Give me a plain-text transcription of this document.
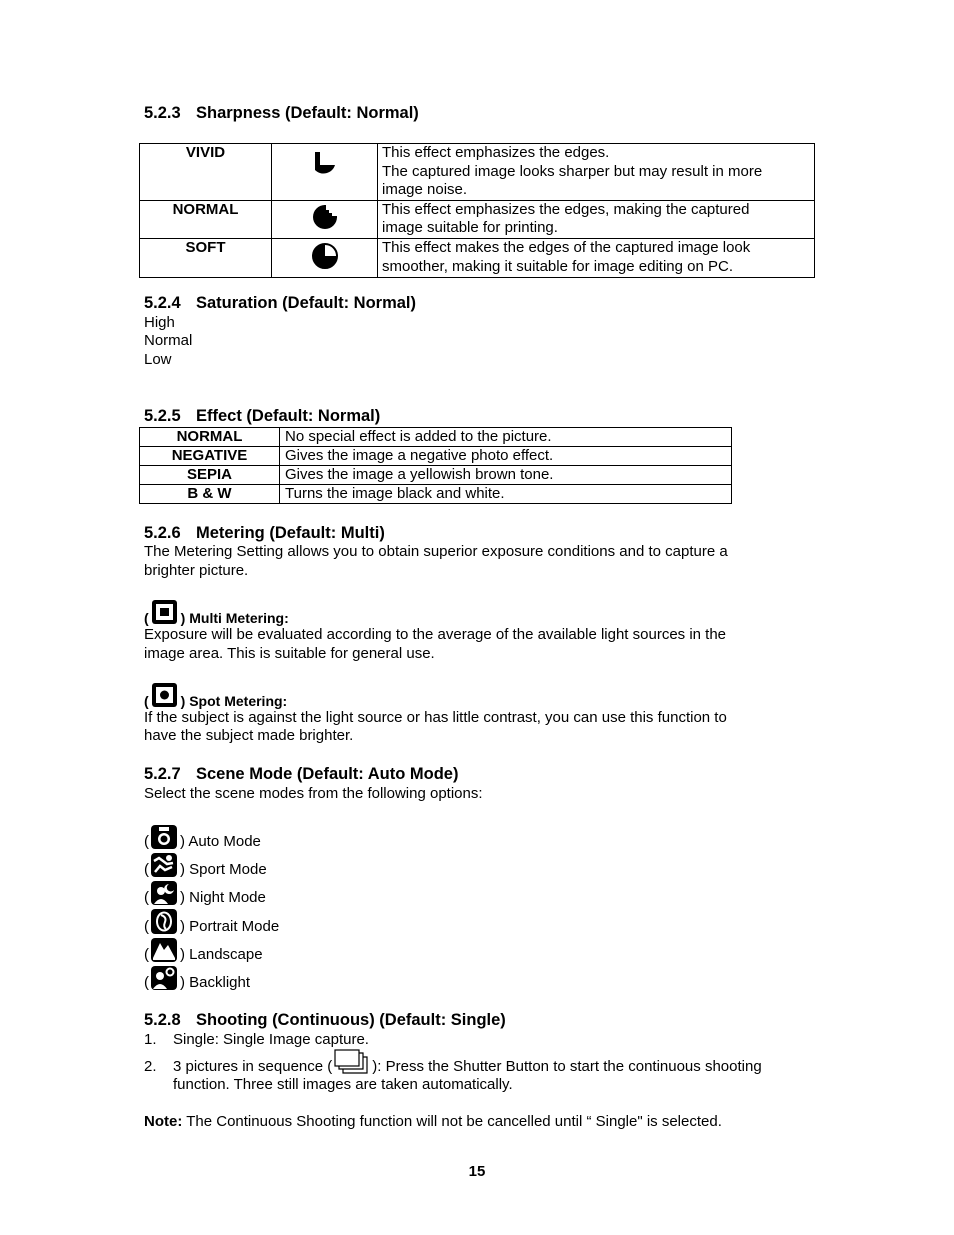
5.2.3 Sharpness (Default: Normal)
VIVID		This effect emphasizes the edges.
The captured image looks sharper but may result in more
image noise.

NORMAL		This effect emphasizes the edges, making the captured
image suitable for printing.

SOFT		This effect makes the edges of the captured image look
smoother, making it suitable for image editing on PC.
5.2.4 Saturation (Default: Normal)
High
Normal
Low
5.2.5 Effect (Default: Normal)
NORMAL	No special effect is added to the picture.
NEGATIVE	Gives the image a negative photo effect.
SEPIA	Gives the image a yellowish brown tone.
B & W	Turns the image black and white.
5.2.6 Metering (Default: Multi)
The Metering Setting allows you to obtain superior exposure conditions and to capture a
brighter picture.
( ) Multi Metering:
Exposure will be evaluated according to the average of the available light sources in the
image area. This is suitable for general use.
( ) Spot Metering:
If the subject is against the light source or has little contrast, you can use this function to
have the subject made brighter.
5.2.7 Scene Mode (Default: Auto Mode)
Select the scene modes from the following options:
( ) Auto Mode
( ) Sport Mode
( ) Night Mode
( ) Portrait Mode
( ) Landscape
( ) Backlight
5.2.8 Shooting (Continuous) (Default: Single)
1. Single: Single Image capture.
2.	3 pictures in sequence (	): Press the Shutter Button to start the continuous shooting
function. Three still images are taken automatically.
Note: The Continuous Shooting function will not be cancelled until “ Single" is selected.
15
